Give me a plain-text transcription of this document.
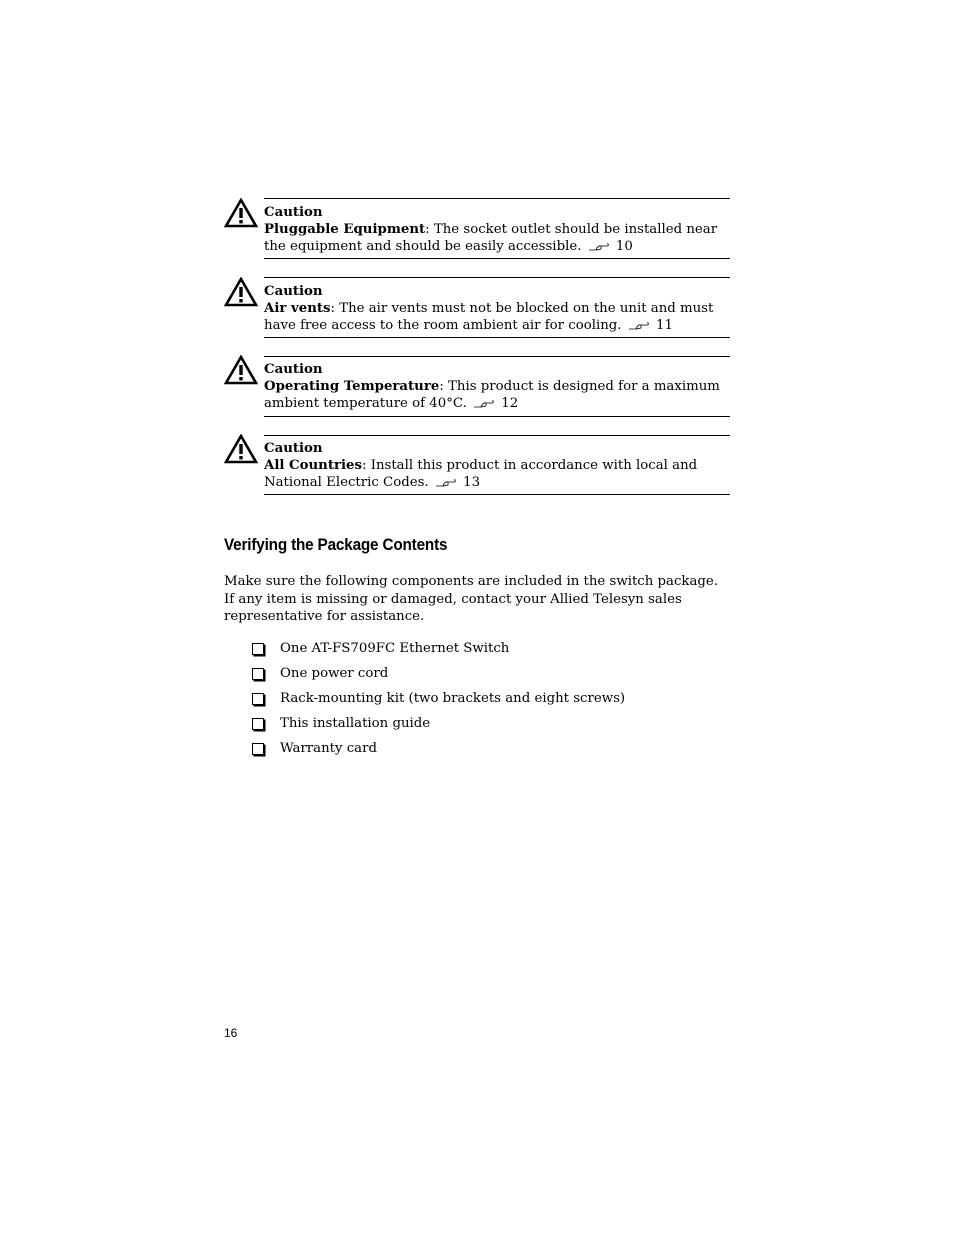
Caution
Pluggable Equipment: The socket outlet should be installed near the equipment and should be easily accessible.	10
Caution
Air vents: The air vents must not be blocked on the unit and must have free access to the room ambient air for cooling.	11
Caution
Operating Temperature: This product is designed for a maximum ambient temperature of 40°C.	12
Caution
All Countries: Install this product in accordance with local and National Electric Codes.	13
Verifying the Package Contents
Make sure the following components are included in the switch package. If any item is missing or damaged, contact your Allied Telesyn sales representative for assistance.
One AT-FS709FC Ethernet Switch
One power cord
Rack-mounting kit (two brackets and eight screws)
This installation guide
Warranty card
16
